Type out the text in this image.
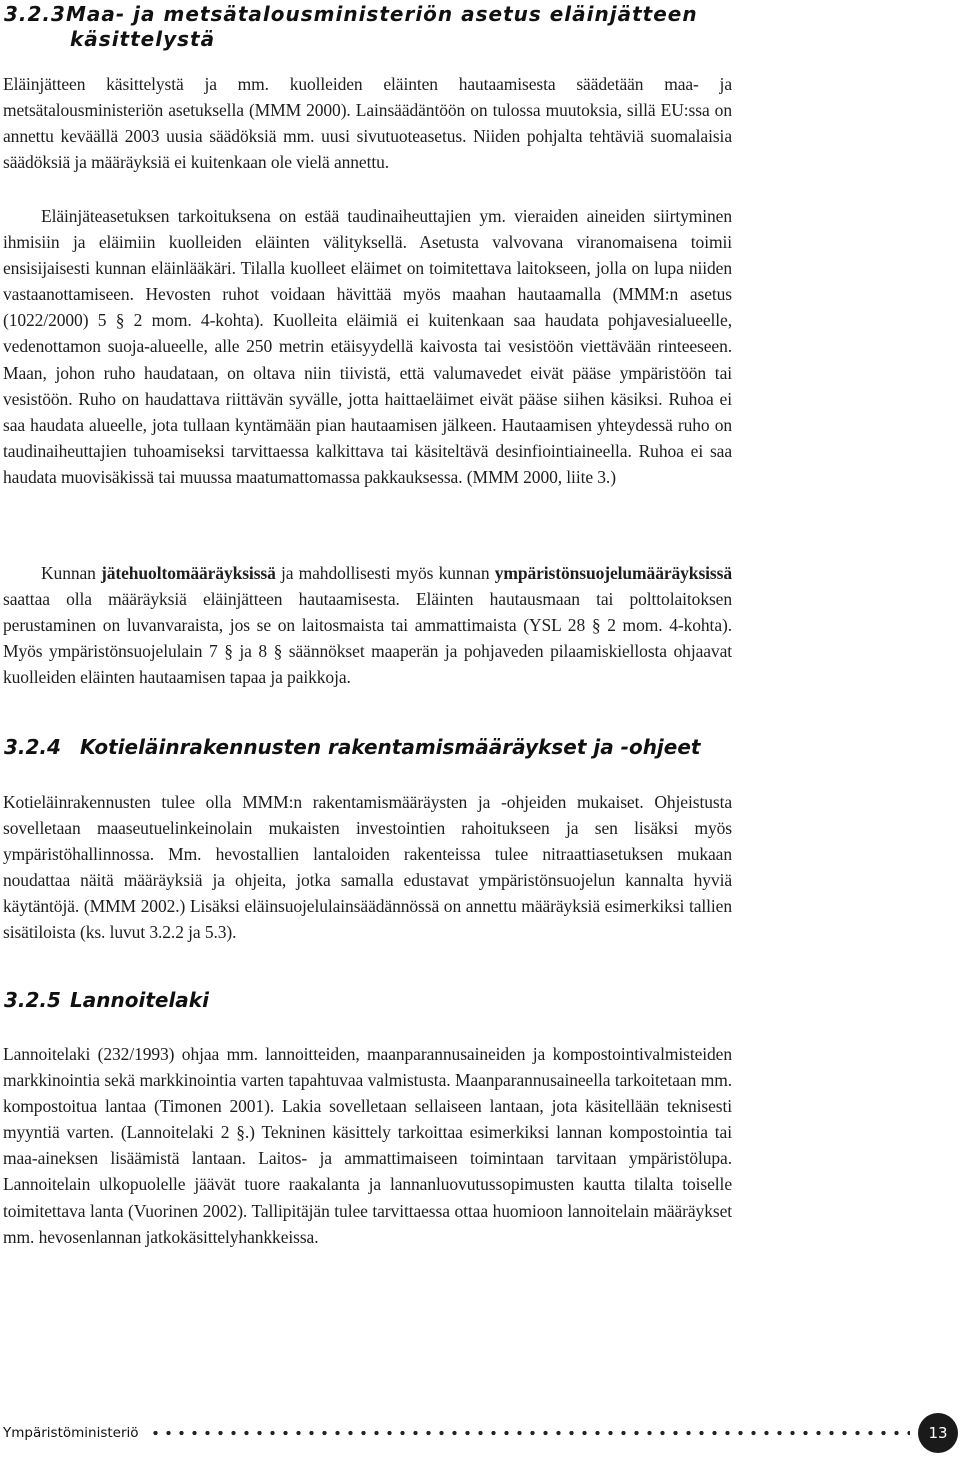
3.2.3Maa- ja metsätalousministeriön asetus eläinjätteen
käsittelystä

Eläinjätteen käsittelystä ja mm. kuolleiden eläinten hautaamisesta säädetään maa- ja metsätalousministeriön asetuksella (MMM 2000). Lainsäädäntöön on tulossa muutoksia, sillä EU:ssa on annettu keväällä 2003 uusia säädöksiä mm. uusi sivutuoteasetus. Niiden pohjalta tehtäviä suomalaisia säädöksiä ja määräyksiä ei kuitenkaan ole vielä annettu.

Eläinjäteasetuksen tarkoituksena on estää taudinaiheuttajien ym. vieraiden aineiden siirtyminen ihmisiin ja eläimiin kuolleiden eläinten välityksellä. Asetusta valvovana viranomaisena toimii ensisijaisesti kunnan eläinlääkäri. Tilalla kuolleet eläimet on toimitettava laitokseen, jolla on lupa niiden vastaanottamiseen. Hevosten ruhot voidaan hävittää myös maahan hautaamalla (MMM:n asetus (1022/2000) 5 § 2 mom. 4-kohta). Kuolleita eläimiä ei kuitenkaan saa haudata pohjavesialueelle, vedenottamon suoja-alueelle, alle 250 metrin etäisyydellä kaivosta tai vesistöön viettävään rinteeseen. Maan, johon ruho haudataan, on oltava niin tiivistä, että valumavedet eivät pääse ympäristöön tai vesistöön. Ruho on haudattava riittävän syvälle, jotta haittaeläimet eivät pääse siihen käsiksi. Ruhoa ei saa haudata alueelle, jota tullaan kyntämään pian hautaamisen jälkeen. Hautaamisen yhteydessä ruho on taudinaiheuttajien tuhoamiseksi tarvittaessa kalkittava tai käsiteltävä desinfiointiaineella. Ruhoa ei saa haudata muovisäkissä tai muussa maatumattomassa pakkauksessa. (MMM 2000, liite 3.)

Kunnan jätehuoltomääräyksissä ja mahdollisesti myös kunnan ympäristönsuojelumääräyksissä saattaa olla määräyksiä eläinjätteen hautaamisesta. Eläinten hautausmaan tai polttolaitoksen perustaminen on luvanvaraista, jos se on laitosmaista tai ammattimaista (YSL 28 § 2 mom. 4-kohta). Myös ympäristönsuojelulain 7 § ja 8 § säännökset maaperän ja pohjaveden pilaamiskiellosta ohjaavat kuolleiden eläinten hautaamisen tapaa ja paikkoja.

3.2.4 Kotieläinrakennusten rakentamismääräykset ja -ohjeet

Kotieläinrakennusten tulee olla MMM:n rakentamismääräysten ja -ohjeiden mukaiset. Ohjeistusta sovelletaan maaseutuelinkeinolain mukaisten investointien rahoitukseen ja sen lisäksi myös ympäristöhallinnossa. Mm. hevostallien lantaloiden rakenteissa tulee nitraattiasetuksen mukaan noudattaa näitä määräyksiä ja ohjeita, jotka samalla edustavat ympäristönsuojelun kannalta hyviä käytäntöjä. (MMM 2002.) Lisäksi eläinsuojelulainsäädännössä on annettu määräyksiä esimerkiksi tallien sisätiloista (ks. luvut 3.2.2 ja 5.3).

3.2.5 Lannoitelaki

Lannoitelaki (232/1993) ohjaa mm. lannoitteiden, maanparannusaineiden ja kompostointivalmisteiden markkinointia sekä markkinointia varten tapahtuvaa valmistusta. Maanparannusaineella tarkoitetaan mm. kompostoitua lantaa (Timonen 2001). Lakia sovelletaan sellaiseen lantaan, jota käsitellään teknisesti myyntiä varten. (Lannoitelaki 2 §.) Tekninen käsittely tarkoittaa esimerkiksi lannan kompostointia tai maa-aineksen lisäämistä lantaan. Laitos- ja ammattimaiseen toimintaan tarvitaan ympäristölupa. Lannoitelain ulkopuolelle jäävät tuore raakalanta ja lannanluovutussopimusten kautta tilalta toiselle toimitettava lanta (Vuorinen 2002). Tallipitäjän tulee tarvittaessa ottaa huomioon lannoitelain määräykset mm. hevosenlannan jatkokäsittelyhankkeissa.

Ympäristöministeriö	13
